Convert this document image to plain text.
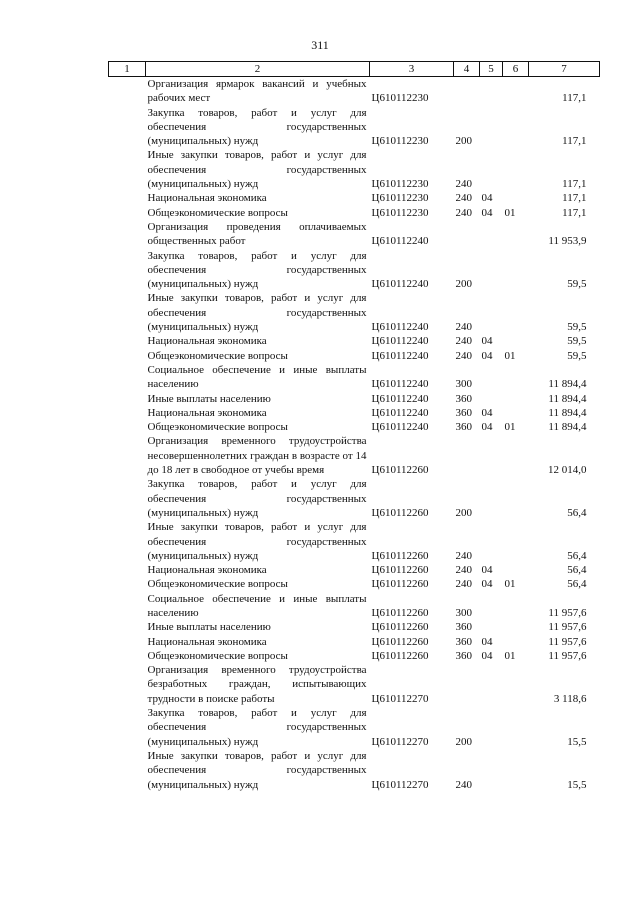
311
1	2	3	4	5	6	7
	Организация ярмарок вакансий и учебных рабочих мест	Ц610112230				117,1
	Закупка товаров, работ и услуг для обеспечения государственных (муниципальных) нужд	Ц610112230	200			117,1
	Иные закупки товаров, работ и услуг для обеспечения государственных (муниципальных) нужд	Ц610112230	240			117,1
	Национальная экономика	Ц610112230	240	04		117,1
	Общеэкономические вопросы	Ц610112230	240	04	01	117,1
	Организация проведения оплачиваемых общественных работ	Ц610112240				11 953,9
	Закупка товаров, работ и услуг для обеспечения государственных (муниципальных) нужд	Ц610112240	200			59,5
	Иные закупки товаров, работ и услуг для обеспечения государственных (муниципальных) нужд	Ц610112240	240			59,5
	Национальная экономика	Ц610112240	240	04		59,5
	Общеэкономические вопросы	Ц610112240	240	04	01	59,5
	Социальное обеспечение и иные выплаты населению	Ц610112240	300			11 894,4
	Иные выплаты населению	Ц610112240	360			11 894,4
	Национальная экономика	Ц610112240	360	04		11 894,4
	Общеэкономические вопросы	Ц610112240	360	04	01	11 894,4
	Организация временного трудоустройства несовершеннолетних граждан в возрасте от 14 до 18 лет в свободное от учебы время	Ц610112260				12 014,0
	Закупка товаров, работ и услуг для обеспечения государственных (муниципальных) нужд	Ц610112260	200			56,4
	Иные закупки товаров, работ и услуг для обеспечения государственных (муниципальных) нужд	Ц610112260	240			56,4
	Национальная экономика	Ц610112260	240	04		56,4
	Общеэкономические вопросы	Ц610112260	240	04	01	56,4
	Социальное обеспечение и иные выплаты населению	Ц610112260	300			11 957,6
	Иные выплаты населению	Ц610112260	360			11 957,6
	Национальная экономика	Ц610112260	360	04		11 957,6
	Общеэкономические вопросы	Ц610112260	360	04	01	11 957,6
	Организация временного трудоустройства безработных граждан, испытывающих трудности в поиске работы	Ц610112270				3 118,6
	Закупка товаров, работ и услуг для обеспечения государственных (муниципальных) нужд	Ц610112270	200			15,5
	Иные закупки товаров, работ и услуг для обеспечения государственных (муниципальных) нужд	Ц610112270	240			15,5
